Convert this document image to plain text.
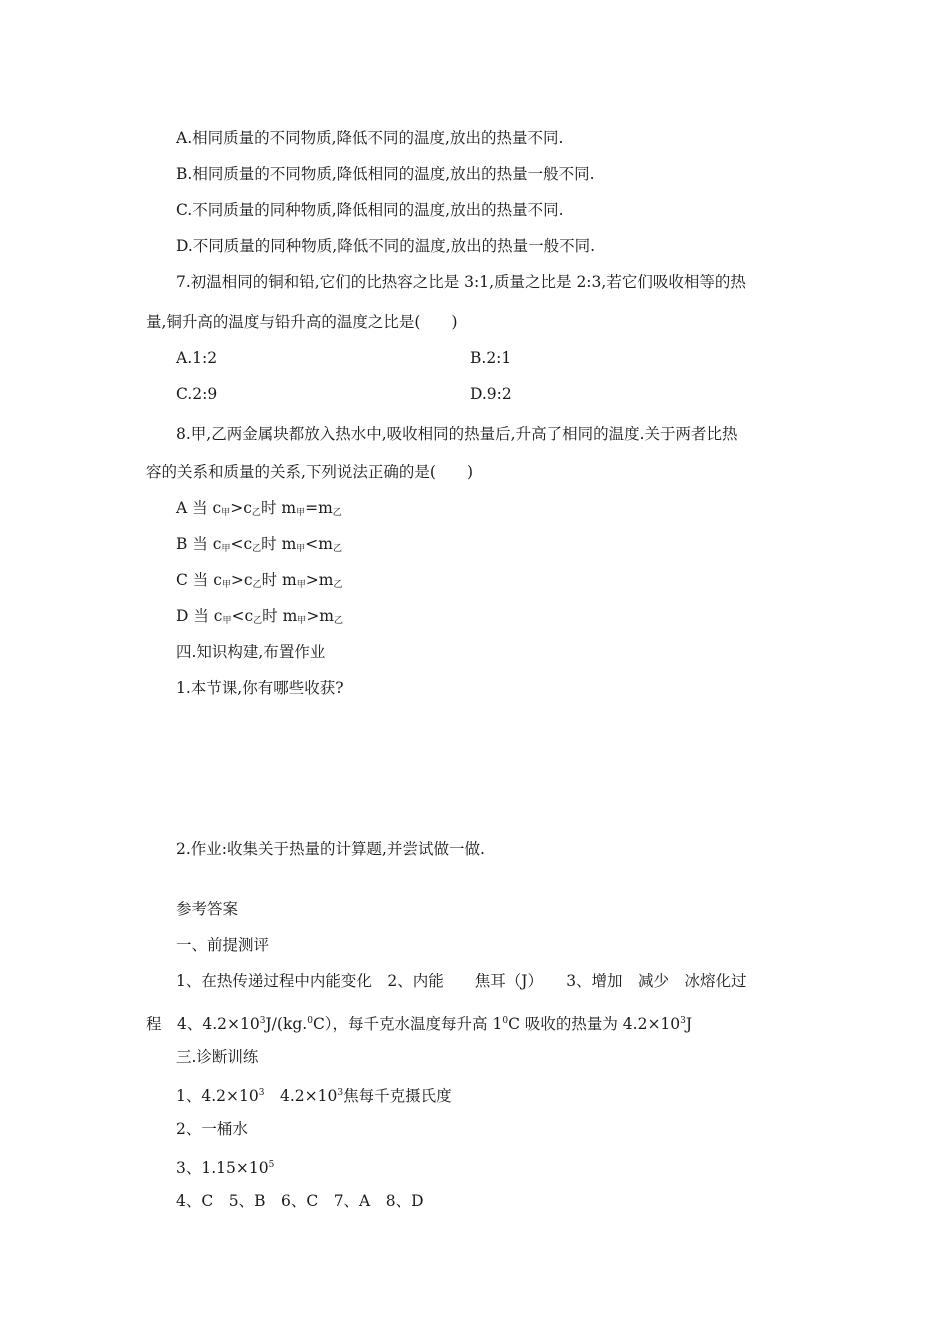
A.相同质量的不同物质,降低不同的温度,放出的热量不同.
B.相同质量的不同物质,降低相同的温度,放出的热量一般不同.
C.不同质量的同种物质,降低相同的温度,放出的热量不同.
D.不同质量的同种物质,降低不同的温度,放出的热量一般不同.
7.初温相同的铜和铅,它们的比热容之比是 3:1,质量之比是 2:3,若它们吸收相等的热
量,铜升高的温度与铅升高的温度之比是(　　)
A.1:2	B.2:1
C.2:9	D.9:2
8.甲,乙两金属块都放入热水中,吸收相同的热量后,升高了相同的温度.关于两者比热
容的关系和质量的关系,下列说法正确的是(　　)
A 当 $c_甲>c_乙$时 $m_甲=m_乙$
B 当 $c_甲<c_乙$时 $m_甲<m_乙$
C 当 $c_甲>c_乙$时 $m_甲>m_乙$
D 当 $c_甲<c_乙$时 $m_甲>m_乙$
四.知识构建,布置作业
1.本节课,你有哪些收获?
2.作业:收集关于热量的计算题,并尝试做一做.
参考答案
一、前提测评
1、在热传递过程中内能变化　2、内能　　焦耳（J）　　3、增加　减少　冰熔化过
程　4、$4.2\times 10^3J/(kg.^0C)$，每千克水温度每升高 $1^0C$ 吸收的热量为 $4.2\times 10^3J$
三.诊断训练
1、$4.2\times 10^3$　$4.2\times 10^3$焦每千克摄氏度
2、一桶水
3、$1.15\times 10^5$
4、C　5、B　6、C　7、A　8、D
